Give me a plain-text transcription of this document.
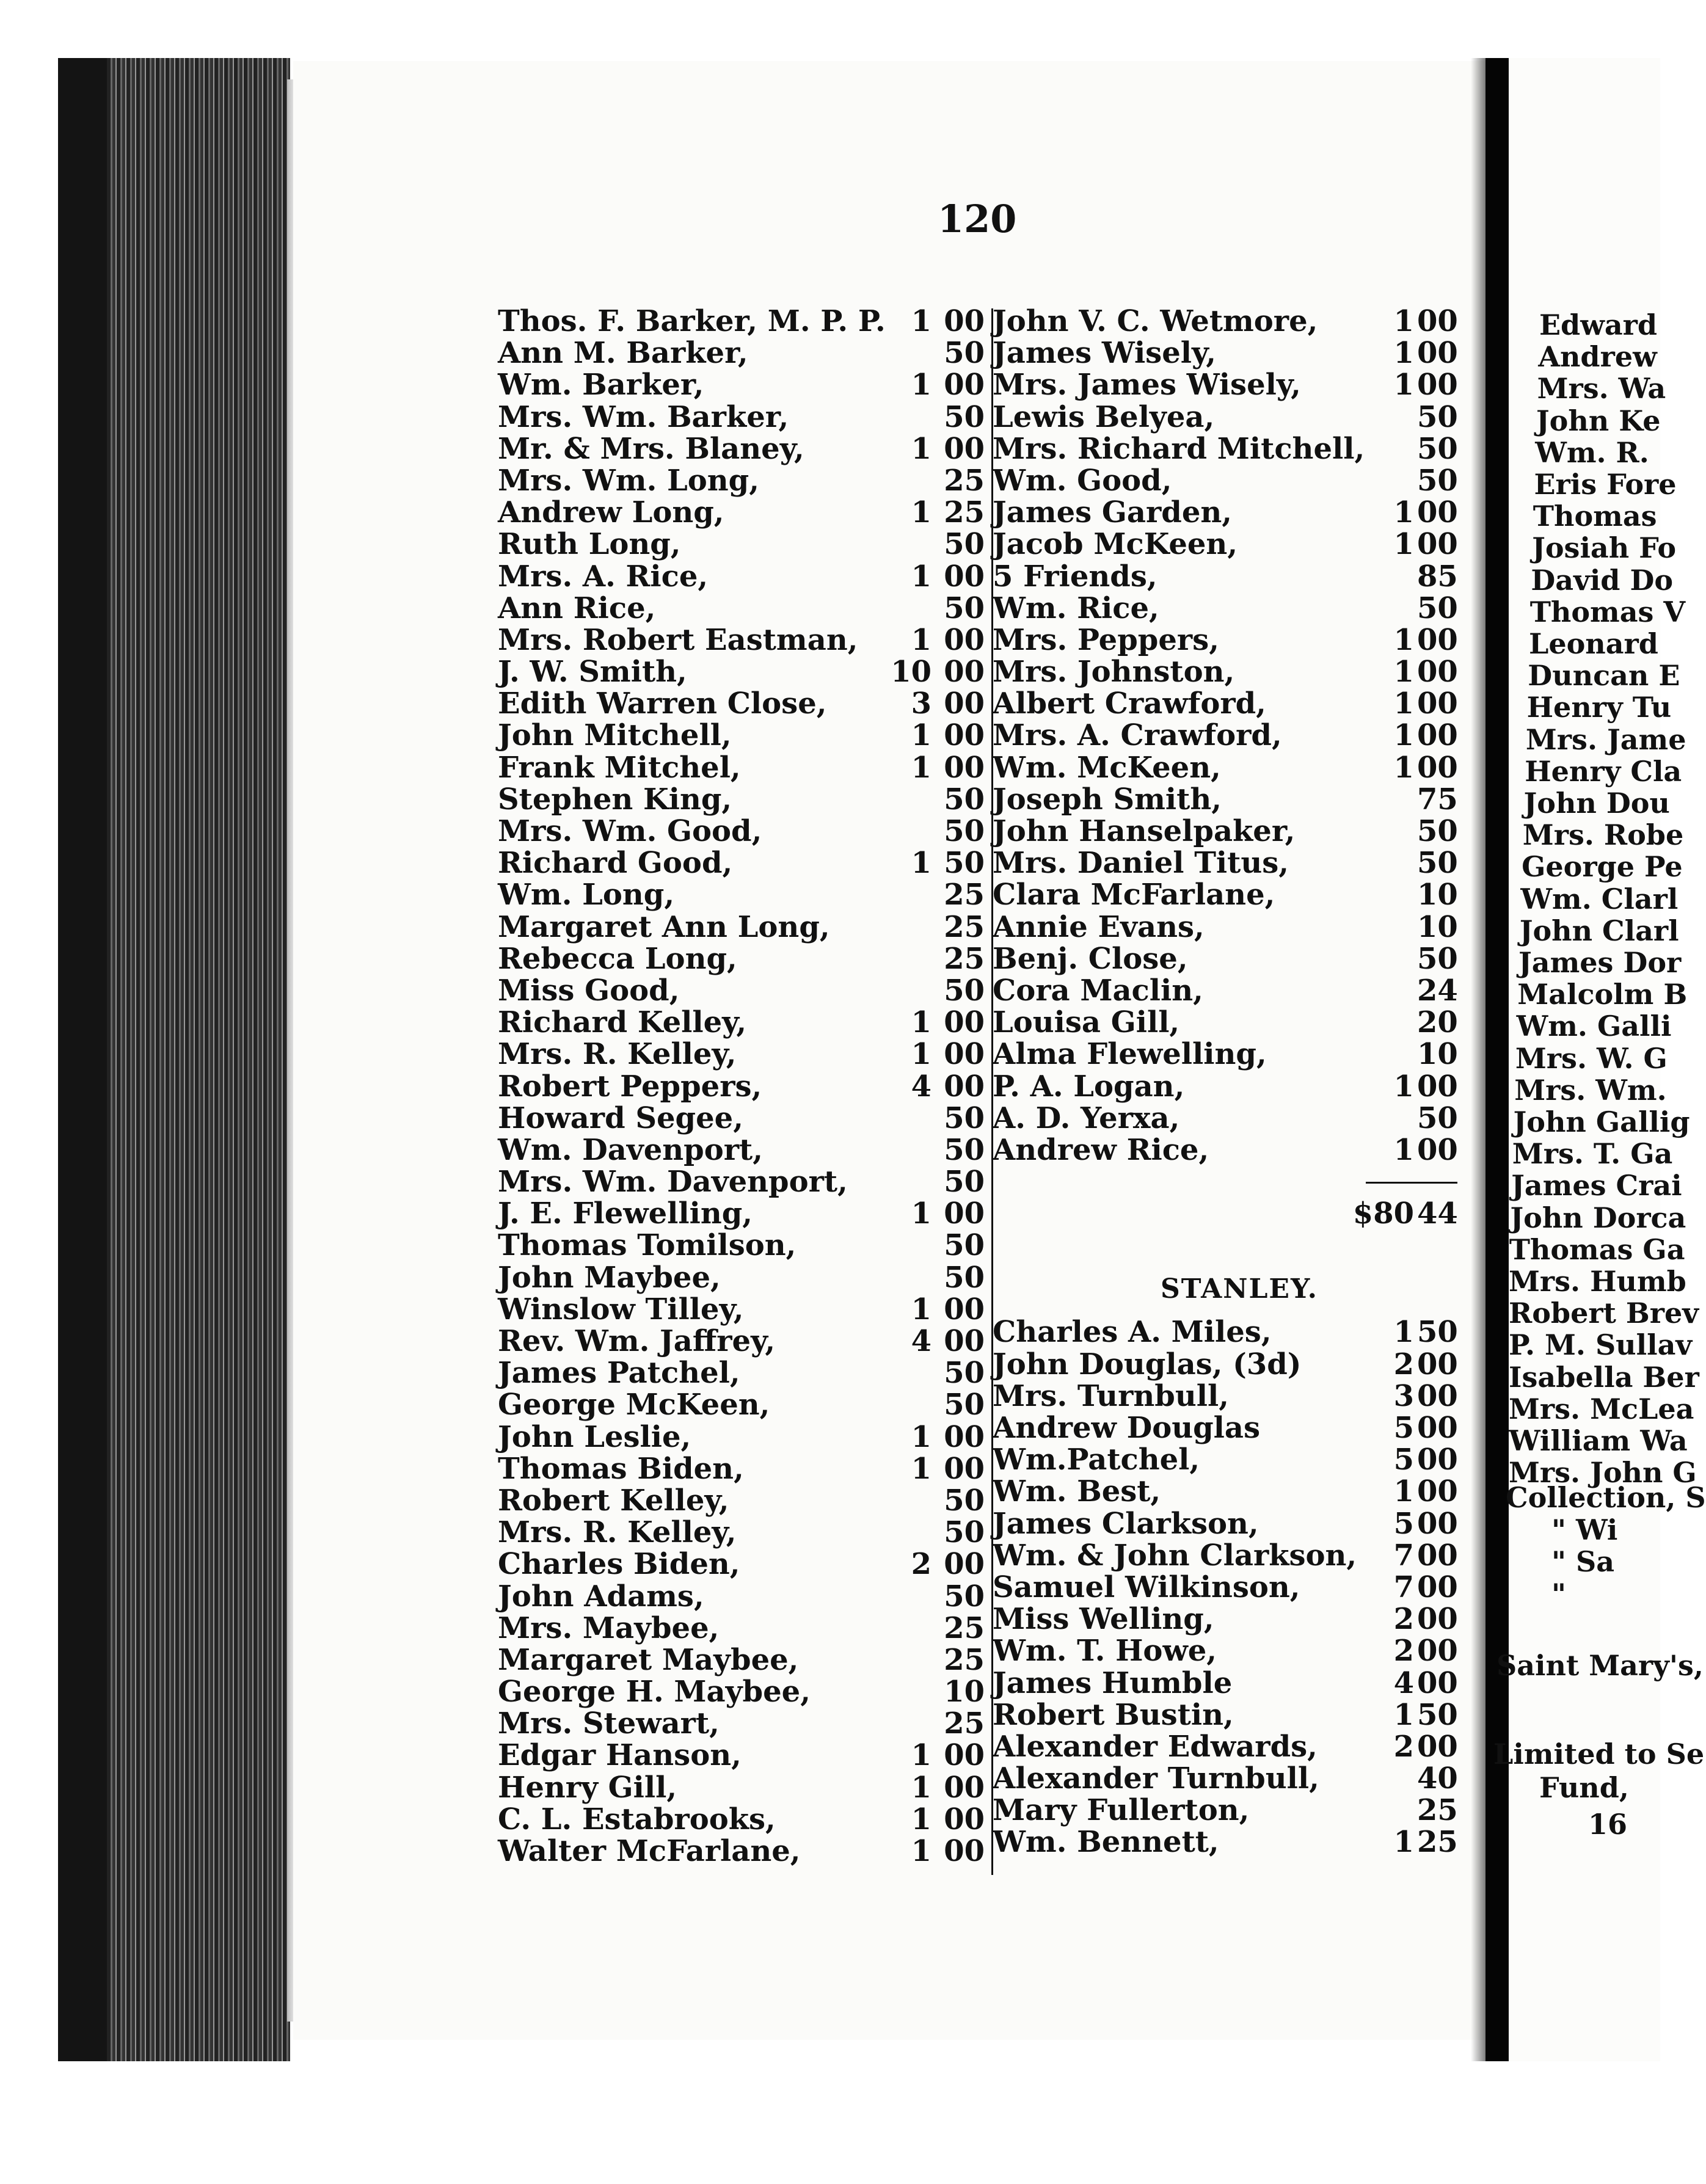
120
Thos. F. Barker, M. P. P. 1 00
Ann M. Barker,	50
Wm. Barker,	1 00
Mrs. Wm. Barker,	50
Mr. & Mrs. Blaney,	1 00
Mrs. Wm. Long,	25
Andrew Long,	1 25
Ruth Long,	50
Mrs. A. Rice,	1 00
Ann Rice,	50
Mrs. Robert Eastman, 1 00
J. W. Smith,	10 00
Edith Warren Close,	3 00
John Mitchell,	1 00
Frank Mitchel,	1 00
Stephen King,	50
Mrs. Wm. Good,	50
Richard Good,	1 50
Wm. Long,	25
Margaret Ann Long,	25
Rebecca Long,	25
Miss Good,	50
Richard Kelley,	1 00
Mrs. R. Kelley,	1 00
Robert Peppers,	4 00
Howard Segee,	50
Wm. Davenport,	50
Mrs. Wm. Davenport,	50
J. E. Flewelling,	1 00
Thomas Tomilson,	50
John Maybee,	50
Winslow Tilley,	1 00
Rev. Wm. Jaffrey,	4 00
James Patchel,	50
George McKeen,	50
John Leslie,	1 00
Thomas Biden,	1 00
Robert Kelley,	50
Mrs. R. Kelley,	50
Charles Biden,	2 00
John Adams,	50
Mrs. Maybee,	25
Margaret Maybee,	25
George H. Maybee,	10
Mrs. Stewart,	25
Edgar Hanson,	1 00
Henry Gill,	1 00
C. L. Estabrooks,	1 00
Walter McFarlane,	1 00
John V. C. Wetmore,	1 00
James Wisely,	1 00
Mrs. James Wisely,	1 00
Lewis Belyea,	50
Mrs. Richard Mitchell, 50
Wm. Good,	50
James Garden,	1 00
Jacob McKeen,	1 00
5 Friends,	85
Wm. Rice,	50
Mrs. Peppers,	1 00
Mrs. Johnston,	1 00
Albert Crawford,	1 00
Mrs. A. Crawford,	1 00
Wm. McKeen,	1 00
Joseph Smith,	75
John Hanselpaker,	50
Mrs. Daniel Titus,	50
Clara McFarlane,	10
Annie Evans,	10
Benj. Close,	50
Cora Maclin,	24
Louisa Gill,	20
Alma Flewelling,	10
P. A. Logan,	1 00
A. D. Yerxa,	50
Andrew Rice,	1 00
$80 44
STANLEY.
Charles A. Miles,	1 50
John Douglas, (3d)	2 00
Mrs. Turnbull,	3 00
Andrew Douglas	5 00
Wm.Patchel,	5 00
Wm. Best,	1 00
James Clarkson,	5 00
Wm. & John Clarkson, 7 00
Samuel Wilkinson,	7 00
Miss Welling,	2 00
Wm. T. Howe,	2 00
James Humble	4 00
Robert Bustin,	1 50
Alexander Edwards,	2 00
Alexander Turnbull,	40
Mary Fullerton,	25
Wm. Bennett,	1 25
Edward
Andrew
Mrs. Wa
John Ke
Wm. R.
Eris Fore
Thomas
Josiah Fo
David Do
Thomas V
Leonard
Duncan E
Henry Tu
Mrs. Jame
Henry Cla
John Dou
Mrs. Robe
George Pe
Wm. Clarl
John Clarl
James Dor
Malcolm B
Wm. Galli
Mrs. W. G
Mrs. Wm.
John Gallig
Mrs. T. Ga
James Crai
John Dorca
Thomas Ga
Mrs. Humb
Robert Brev
P. M. Sullav
Isabella Ber
Mrs. McLea
William Wa
Mrs. John G
Collection, S
" Wi
" Sa
"
Saint Mary's,
Limited to Se
Fund,
16
